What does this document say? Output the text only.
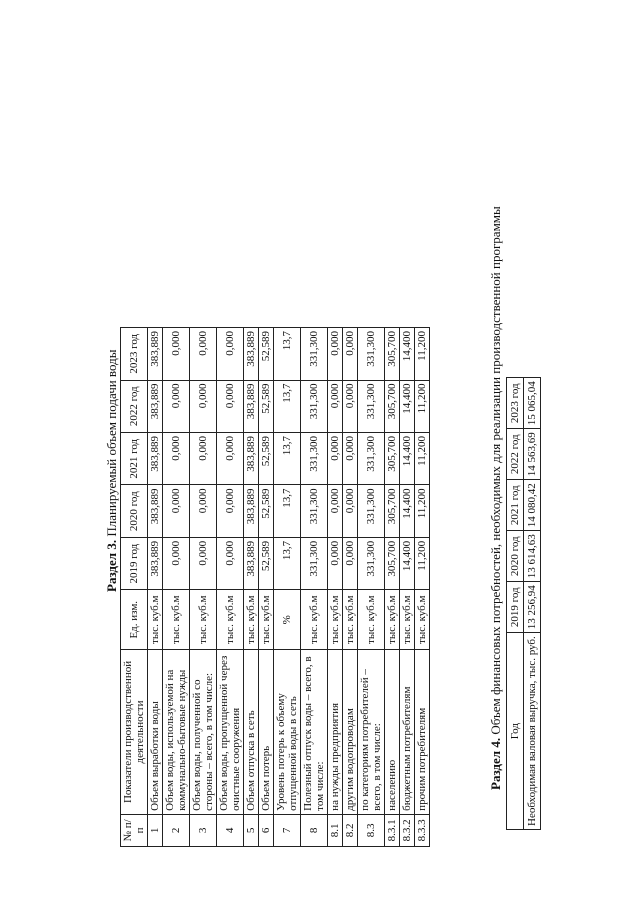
Раздел 3. Планируемый объем подачи воды
№ п/п	Показатели производственной деятельности	Ед. изм.	2019 год	2020 год	2021 год	2022 год	2023 год
1	Объем выработки воды	тыс. куб.м	383,889	383,889	383,889	383,889	383,889
2	Объем воды, используемой на коммунально-бытовые нужды	тыс. куб.м	0,000	0,000	0,000	0,000	0,000
3	Объем воды, полученной со стороны – всего, в том числе:	тыс. куб.м	0,000	0,000	0,000	0,000	0,000
4	Объем воды, пропущенной через очистные сооружения	тыс. куб.м	0,000	0,000	0,000	0,000	0,000
5	Объем отпуска в сеть	тыс. куб.м	383,889	383,889	383,889	383,889	383,889
6	Объем потерь	тыс. куб.м	52,589	52,589	52,589	52,589	52,589
7	Уровень потерь к объему отпущенной воды в сеть	%	13,7	13,7	13,7	13,7	13,7
8	Полезный отпуск воды – всего, в том числе:	тыс. куб.м	331,300	331,300	331,300	331,300	331,300
8.1	на нужды предприятия	тыс. куб.м	0,000	0,000	0,000	0,000	0,000
8.2	другим водопроводам	тыс. куб.м	0,000	0,000	0,000	0,000	0,000
8.3	по категориям потребителей – всего, в том числе:	тыс. куб.м	331,300	331,300	331,300	331,300	331,300
8.3.1	населению	тыс. куб.м	305,700	305,700	305,700	305,700	305,700
8.3.2	бюджетным потребителям	тыс. куб.м	14,400	14,400	14,400	14,400	14,400
8.3.3	прочим потребителям	тыс. куб.м	11,200	11,200	11,200	11,200	11,200
Раздел 4. Объем финансовых потребностей, необходимых для реализации производственной программы Год	2019 год	2020 год	2021 год	2022 год	2023 год
Необходимая валовая выручка, тыс. руб.	13 256,94	13 614,63	14 080,42	14 563,69	15 065,04
